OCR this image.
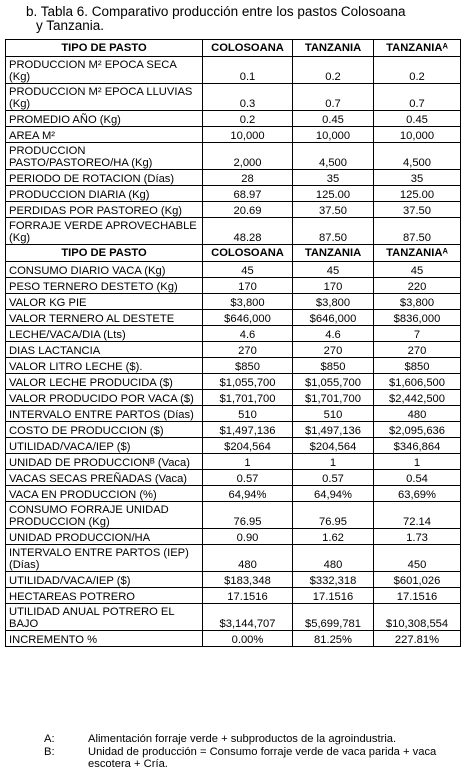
b. Tabla 6. Comparativo producción entre los pastos Colosoana
y Tanzania.
TIPO DE PASTO	COLOSOANA	TANZANIA	TANZANIAᴬ
PRODUCCION M² EPOCA SECA (Kg)	0.1	0.2	0.2
PRODUCCION M² EPOCA LLUVIAS (Kg)	0.3	0.7	0.7
PROMEDIO AÑO (Kg)	0.2	0.45	0.45
AREA M²	10,000	10,000	10,000
PRODUCCION PASTO/PASTOREO/HA (Kg)	2,000	4,500	4,500
PERIODO DE ROTACION (Días)	28	35	35
PRODUCCION DIARIA (Kg)	68.97	125.00	125.00
PERDIDAS POR PASTOREO (Kg)	20.69	37.50	37.50
FORRAJE VERDE APROVECHABLE (Kg)	48.28	87.50	87.50
TIPO DE PASTO	COLOSOANA	TANZANIA	TANZANIAᴬ
CONSUMO DIARIO VACA (Kg)	45	45	45
PESO TERNERO DESTETO (Kg)	170	170	220
VALOR KG PIE	$3,800	$3,800	$3,800
VALOR TERNERO AL DESTETE	$646,000	$646,000	$836,000
LECHE/VACA/DIA (Lts)	4.6	4.6	7
DIAS LACTANCIA	270	270	270
VALOR LITRO LECHE ($).	$850	$850	$850
VALOR LECHE PRODUCIDA ($)	$1,055,700	$1,055,700	$1,606,500
VALOR PRODUCIDO POR VACA ($)	$1,701,700	$1,701,700	$2,442,500
INTERVALO ENTRE PARTOS (Días)	510	510	480
COSTO DE PRODUCCION ($)	$1,497,136	$1,497,136	$2,095,636
UTILIDAD/VACA/IEP ($)	$204,564	$204,564	$346,864
UNIDAD DE PRODUCCIONᴮ (Vaca)	1	1	1
VACAS SECAS PREÑADAS (Vaca)	0.57	0.57	0.54
VACA EN PRODUCCION (%)	64,94%	64,94%	63,69%
CONSUMO FORRAJE UNIDAD PRODUCCION (Kg)	76.95	76.95	72.14
UNIDAD PRODUCCION/HA	0.90	1.62	1.73
INTERVALO ENTRE PARTOS (IEP) (Días)	480	480	450
UTILIDAD/VACA/IEP ($)	$183,348	$332,318	$601,026
HECTAREAS POTRERO	17.1516	17.1516	17.1516
UTILIDAD ANUAL POTRERO EL BAJO	$3,144,707	$5,699,781	$10,308,554
INCREMENTO %	0.00%	81.25%	227.81%
A:	Alimentación forraje verde + subproductos de la agroindustria.
B:	Unidad de producción = Consumo forraje verde de vaca parida + vaca escotera + Cría.
